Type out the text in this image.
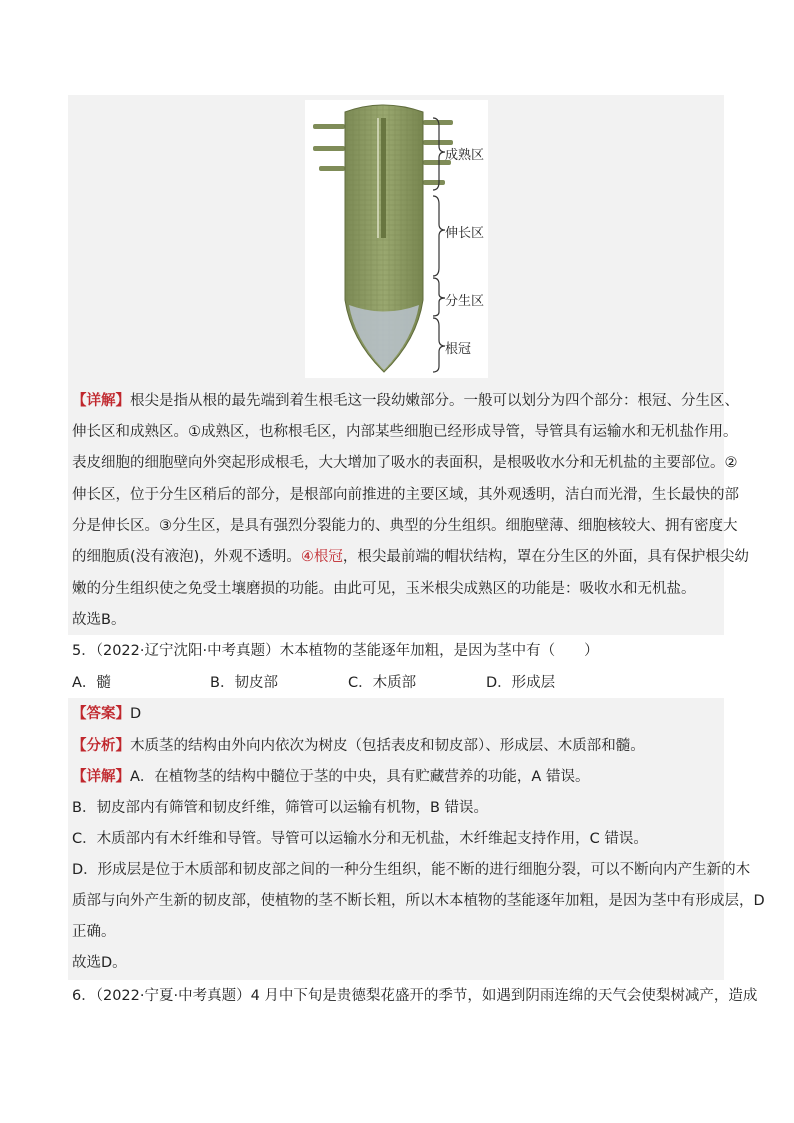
成熟区
伸长区
分生区
根冠
【详解】根尖是指从根的最先端到着生根毛这一段幼嫩部分。一般可以划分为四个部分：根冠、分生区、
伸长区和成熟区。①成熟区，也称根毛区，内部某些细胞已经形成导管，导管具有运输水和无机盐作用。
表皮细胞的细胞壁向外突起形成根毛，大大增加了吸水的表面积，是根吸收水分和无机盐的主要部位。②
伸长区，位于分生区稍后的部分，是根部向前推进的主要区域，其外观透明，洁白而光滑，生长最快的部
分是伸长区。③分生区，是具有强烈分裂能力的、典型的分生组织。细胞壁薄、细胞核较大、拥有密度大
的细胞质(没有液泡)，外观不透明。④根冠，根尖最前端的帽状结构，罩在分生区的外面，具有保护根尖幼
嫩的分生组织使之免受土壤磨损的功能。由此可见，玉米根尖成熟区的功能是：吸收水和无机盐。
故选B。
5．（2022·辽宁沈阳·中考真题）木本植物的茎能逐年加粗，是因为茎中有（　　）
A．髓	B．韧皮部	C．木质部	D．形成层
【答案】D
【分析】木质茎的结构由外向内依次为树皮（包括表皮和韧皮部）、形成层、木质部和髓。
【详解】A．在植物茎的结构中髓位于茎的中央，具有贮藏营养的功能，A 错误。
B．韧皮部内有筛管和韧皮纤维，筛管可以运输有机物，B 错误。
C．木质部内有木纤维和导管。导管可以运输水分和无机盐，木纤维起支持作用，C 错误。
D．形成层是位于木质部和韧皮部之间的一种分生组织，能不断的进行细胞分裂，可以不断向内产生新的木
质部与向外产生新的韧皮部，使植物的茎不断长粗，所以木本植物的茎能逐年加粗，是因为茎中有形成层，D
正确。
故选D。
6．（2022·宁夏·中考真题）4 月中下旬是贵德梨花盛开的季节，如遇到阴雨连绵的天气会使梨树减产，造成
